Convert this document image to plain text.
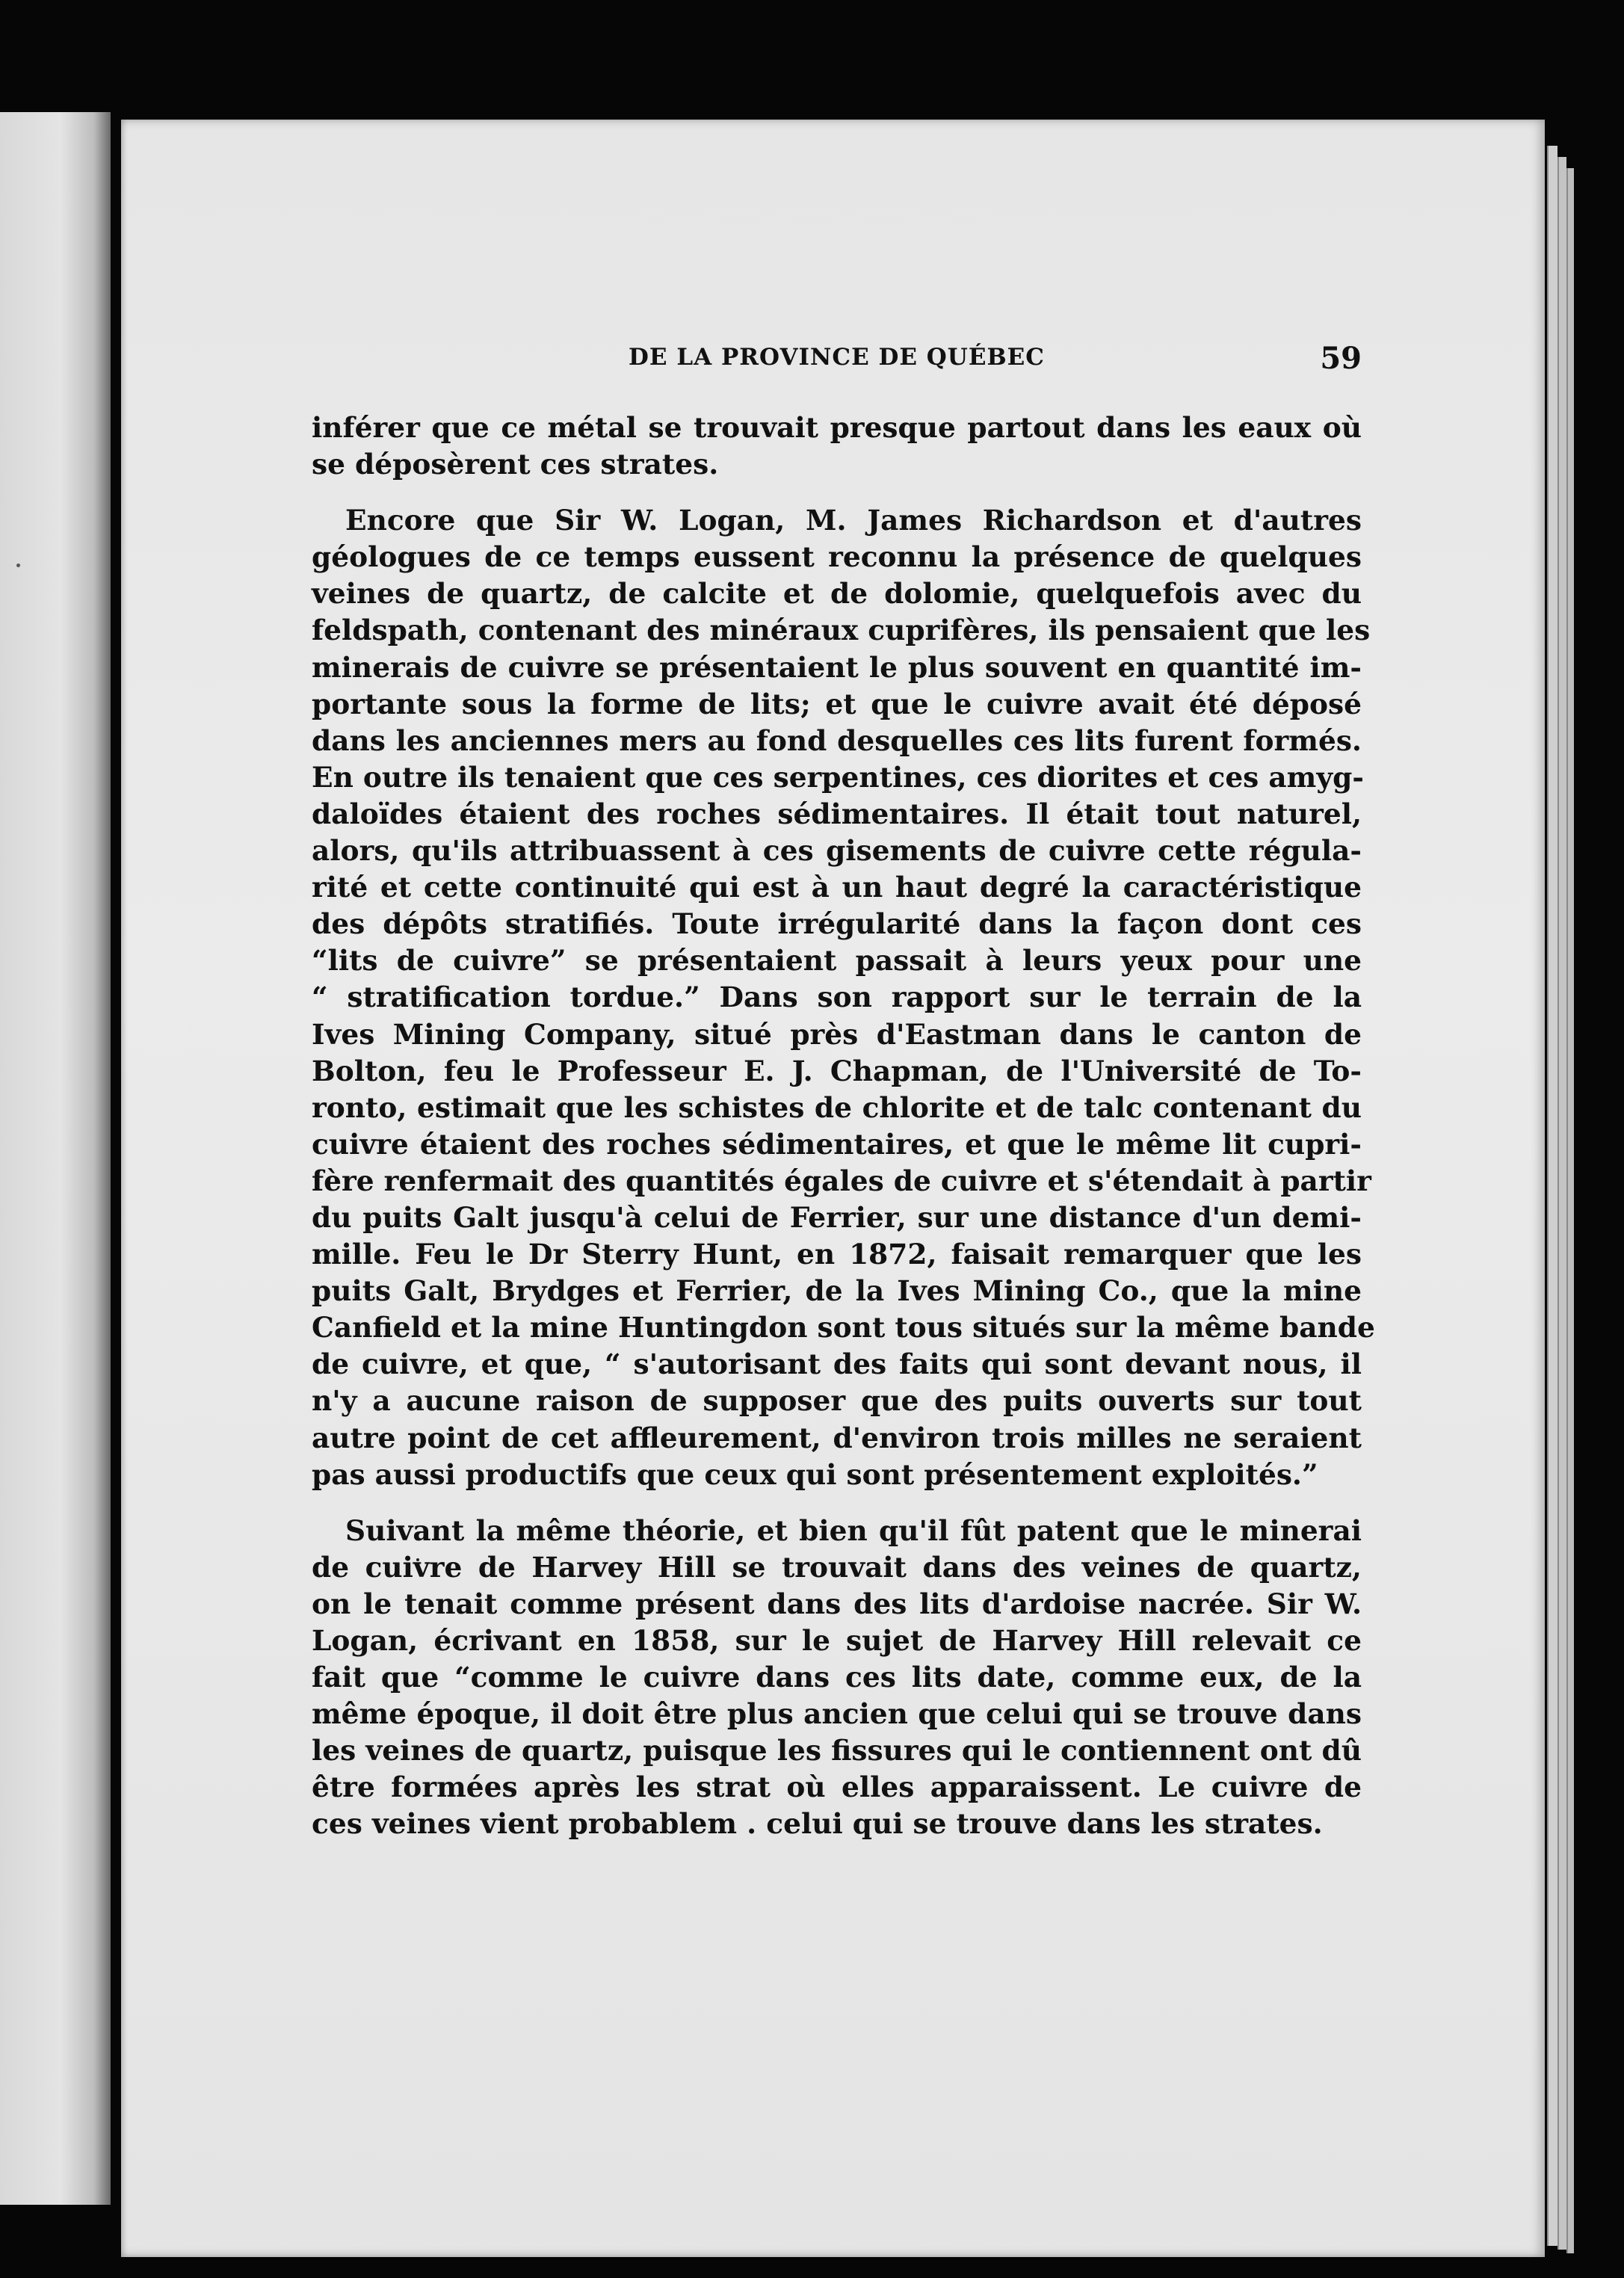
DE LA PROVINCE DE QUÉBEC	59

inférer que ce métal se trouvait presque partout dans les eaux où
se déposèrent ces strates.

Encore que Sir W. Logan, M. James Richardson et d'autres
géologues de ce temps eussent reconnu la présence de quelques
veines de quartz, de calcite et de dolomie, quelquefois avec du
feldspath, contenant des minéraux cuprifères, ils pensaient que les
minerais de cuivre se présentaient le plus souvent en quantité im-
portante sous la forme de lits; et que le cuivre avait été déposé
dans les anciennes mers au fond desquelles ces lits furent formés.
En outre ils tenaient que ces serpentines, ces diorites et ces amyg-
daloïdes étaient des roches sédimentaires. Il était tout naturel,
alors, qu'ils attribuassent à ces gisements de cuivre cette régula-
rité et cette continuité qui est à un haut degré la caractéristique
des dépôts stratifiés. Toute irrégularité dans la façon dont ces
“lits de cuivre” se présentaient passait à leurs yeux pour une
“ stratification tordue.” Dans son rapport sur le terrain de la
Ives Mining Company, situé près d'Eastman dans le canton de
Bolton, feu le Professeur E. J. Chapman, de l'Université de To-
ronto, estimait que les schistes de chlorite et de talc contenant du
cuivre étaient des roches sédimentaires, et que le même lit cupri-
fère renfermait des quantités égales de cuivre et s'étendait à partir
du puits Galt jusqu'à celui de Ferrier, sur une distance d'un demi-
mille. Feu le Dr Sterry Hunt, en 1872, faisait remarquer que les
puits Galt, Brydges et Ferrier, de la Ives Mining Co., que la mine
Canfield et la mine Huntingdon sont tous situés sur la même bande
de cuivre, et que, “ s'autorisant des faits qui sont devant nous, il
n'y a aucune raison de supposer que des puits ouverts sur tout
autre point de cet affleurement, d'environ trois milles ne seraient
pas aussi productifs que ceux qui sont présentement exploités.”

Suivant la même théorie, et bien qu'il fût patent que le minerai
de cuivre de Harvey Hill se trouvait dans des veines de quartz,
on le tenait comme présent dans des lits d'ardoise nacrée. Sir W.
Logan, écrivant en 1858, sur le sujet de Harvey Hill relevait ce
fait que “comme le cuivre dans ces lits date, comme eux, de la
même époque, il doit être plus ancien que celui qui se trouve dans
les veines de quartz, puisque les fissures qui le contiennent ont dû
être formées après les strat où elles apparaissent. Le cuivre de
ces veines vient probablem . celui qui se trouve dans les strates.
